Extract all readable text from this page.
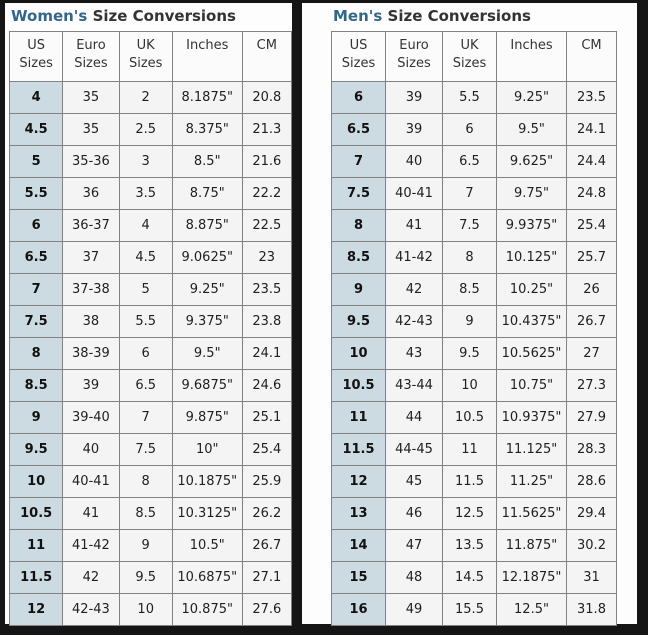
Women's Size Conversions
US Sizes	Euro Sizes	UK Sizes	Inches	CM
4	35	2	8.1875"	20.8
4.5	35	2.5	8.375"	21.3
5	35-36	3	8.5"	21.6
5.5	36	3.5	8.75"	22.2
6	36-37	4	8.875"	22.5
6.5	37	4.5	9.0625"	23
7	37-38	5	9.25"	23.5
7.5	38	5.5	9.375"	23.8
8	38-39	6	9.5"	24.1
8.5	39	6.5	9.6875"	24.6
9	39-40	7	9.875"	25.1
9.5	40	7.5	10"	25.4
10	40-41	8	10.1875"	25.9
10.5	41	8.5	10.3125"	26.2
11	41-42	9	10.5"	26.7
11.5	42	9.5	10.6875"	27.1
12	42-43	10	10.875"	27.6
Men's Size Conversions
US Sizes	Euro Sizes	UK Sizes	Inches	CM
6	39	5.5	9.25"	23.5
6.5	39	6	9.5"	24.1
7	40	6.5	9.625"	24.4
7.5	40-41	7	9.75"	24.8
8	41	7.5	9.9375"	25.4
8.5	41-42	8	10.125"	25.7
9	42	8.5	10.25"	26
9.5	42-43	9	10.4375"	26.7
10	43	9.5	10.5625"	27
10.5	43-44	10	10.75"	27.3
11	44	10.5	10.9375"	27.9
11.5	44-45	11	11.125"	28.3
12	45	11.5	11.25"	28.6
13	46	12.5	11.5625"	29.4
14	47	13.5	11.875"	30.2
15	48	14.5	12.1875"	31
16	49	15.5	12.5"	31.8
